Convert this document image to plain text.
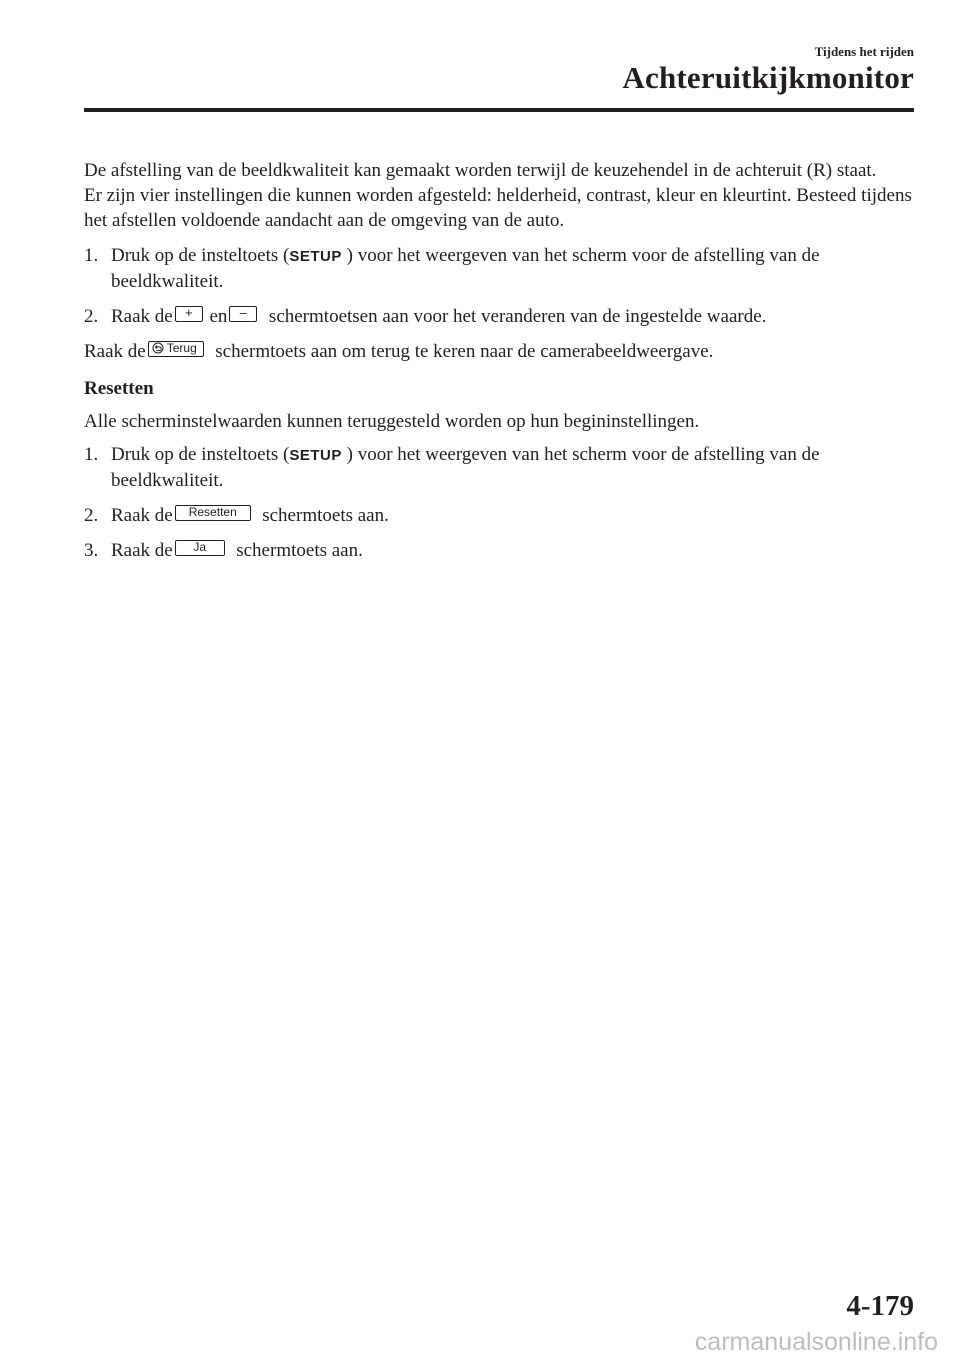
Tijdens het rijden
Achteruitkijkmonitor

De afstelling van de beeldkwaliteit kan gemaakt worden terwijl de keuzehendel in de achteruit (R) staat.
Er zijn vier instellingen die kunnen worden afgesteld: helderheid, contrast, kleur en kleurtint. Besteed tijdens het afstellen voldoende aandacht aan de omgeving van de auto.

1. Druk op de insteltoets (SETUP ) voor het weergeven van het scherm voor de afstelling van de beeldkwaliteit.
2. Raak de + en – schermtoetsen aan voor het veranderen van de ingestelde waarde.

Raak de Terug schermtoets aan om terug te keren naar de camerabeeldweergave.

Resetten

Alle scherminstelwaarden kunnen teruggesteld worden op hun begininstellingen.

1. Druk op de insteltoets (SETUP ) voor het weergeven van het scherm voor de afstelling van de beeldkwaliteit.
2. Raak de Resetten schermtoets aan.
3. Raak de Ja schermtoets aan.
4-179
carmanualsonline.info
